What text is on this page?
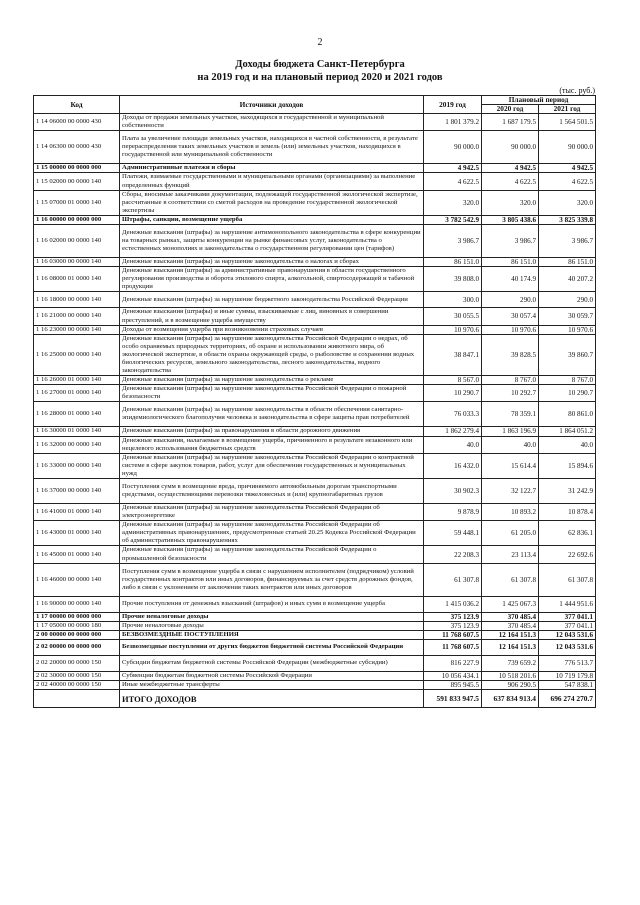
2
Доходы бюджета Санкт-Петербурга
на 2019 год и на плановый период 2020 и 2021 годов
(тыс. руб.)
Код	Источники доходов	2019 год	Плановый период	
			2020 год	2021 год
1 14 06000 00 0000 430	Доходы от продажи земельных участков, находящихся в государственной и муниципальной собственности	1 801 379.2	1 687 179.5	1 564 501.5
1 14 06300 00 0000 430	Плата за увеличение площади земельных участков, находящихся в частной собственности, в результате перераспределения таких земельных участков и земель (или) земельных участков, находящихся в государственной или муниципальной собственности	90 000.0	90 000.0	90 000.0
1 15 00000 00 0000 000	Административные платежи и сборы	4 942.5	4 942.5	4 942.5
1 15 02000 00 0000 140	Платежи, взимаемые государственными и муниципальными органами (организациями) за выполнение определенных функций	4 622.5	4 622.5	4 622.5
1 15 07000 01 0000 140	Сборы, вносимые заказчиками документации, подлежащей государственной экологической экспертизе, рассчитанные в соответствии со сметой расходов на проведение государственной экологической экспертизы	320.0	320.0	320.0
1 16 00000 00 0000 000	Штрафы, санкции, возмещение ущерба	3 782 542.9	3 805 438.6	3 825 339.8
1 16 02000 00 0000 140	Денежные взыскания (штрафы) за нарушение антимонопольного законодательства в сфере конкуренции на товарных рынках, защиты конкуренции на рынке финансовых услуг, законодательства о естественных монополиях и законодательства о государственном регулировании цен (тарифов)	3 986.7	3 986.7	3 986.7
1 16 03000 00 0000 140	Денежные взыскания (штрафы) за нарушение законодательства о налогах и сборах	86 151.0	86 151.0	86 151.0
1 16 08000 01 0000 140	Денежные взыскания (штрафы) за административные правонарушения в области государственного регулирования производства и оборота этилового спирта, алкогольной, спиртосодержащей и табачной продукции	39 808.0	40 174.9	40 207.2
1 16 18000 00 0000 140	Денежные взыскания (штрафы) за нарушение бюджетного законодательства Российской Федерации	300.0	290.0	290.0
1 16 21000 00 0000 140	Денежные взыскания (штрафы) и иные суммы, взыскиваемые с лиц, виновных в совершении преступлений, и в возмещение ущерба имуществу	30 055.5	30 057.4	30 059.7
1 16 23000 00 0000 140	Доходы от возмещения ущерба при возникновении страховых случаев	10 970.6	10 970.6	10 970.6
1 16 25000 00 0000 140	Денежные взыскания (штрафы) за нарушение законодательства Российской Федерации о недрах, об особо охраняемых природных территориях, об охране и использовании животного мира, об экологической экспертизе, в области охраны окружающей среды, о рыболовстве и сохранении водных биологических ресурсов, земельного законодательства, лесного законодательства, водного законодательства	38 847.1	39 828.5	39 860.7
1 16 26000 01 0000 140	Денежные взыскания (штрафы) за нарушение законодательства о рекламе	8 567.0	8 767.0	8 767.0
1 16 27000 01 0000 140	Денежные взыскания (штрафы) за нарушение законодательства Российской Федерации о пожарной безопасности	10 290.7	10 292.7	10 290.7
1 16 28000 01 0000 140	Денежные взыскания (штрафы) за нарушение законодательства в области обеспечения санитарно-эпидемиологического благополучия человека и законодательства в сфере защиты прав потребителей	76 033.3	78 359.1	80 861.0
1 16 30000 01 0000 140	Денежные взыскания (штрафы) за правонарушения в области дорожного движения	1 862 279.4	1 863 196.9	1 864 051.2
1 16 32000 00 0000 140	Денежные взыскания, налагаемые в возмещение ущерба, причиненного в результате незаконного или нецелевого использования бюджетных средств	40.0	40.0	40.0
1 16 33000 00 0000 140	Денежные взыскания (штрафы) за нарушение законодательства Российской Федерации о контрактной системе в сфере закупок товаров, работ, услуг для обеспечения государственных и муниципальных нужд	16 432.0	15 614.4	15 894.6
1 16 37000 00 0000 140	Поступления сумм в возмещение вреда, причиняемого автомобильным дорогам транспортными средствами, осуществляющими перевозки тяжеловесных и (или) крупногабаритных грузов	30 902.3	32 122.7	31 242.9
1 16 41000 01 0000 140	Денежные взыскания (штрафы) за нарушение законодательства Российской Федерации об электроэнергетике	9 878.9	10 893.2	10 878.4
1 16 43000 01 0000 140	Денежные взыскания (штрафы) за нарушение законодательства Российской Федерации об административных правонарушениях, предусмотренные статьей 20.25 Кодекса Российской Федерации об административных правонарушениях	59 448.1	61 205.0	62 836.1
1 16 45000 01 0000 140	Денежные взыскания (штрафы) за нарушение законодательства Российской Федерации о промышленной безопасности	22 208.3	23 113.4	22 692.6
1 16 46000 00 0000 140	Поступления сумм в возмещение ущерба в связи с нарушением исполнителем (подрядчиком) условий государственных контрактов или иных договоров, финансируемых за счет средств дорожных фондов, либо в связи с уклонением от заключения таких контрактов или иных договоров	61 307.8	61 307.8	61 307.8
1 16 90000 00 0000 140	Прочие поступления от денежных взысканий (штрафов) и иных сумм в возмещение ущерба	1 415 036.2	1 425 067.3	1 444 951.6
1 17 00000 00 0000 000	Прочие неналоговые доходы	375 123.9	370 485.4	377 041.1
1 17 05000 00 0000 180	Прочие неналоговые доходы	375 123.9	370 485.4	377 041.1
2 00 00000 00 0000 000	БЕЗВОЗМЕЗДНЫЕ ПОСТУПЛЕНИЯ	11 768 607.5	12 164 151.3	12 043 531.6
2 02 00000 00 0000 000	Безвозмездные поступления от других бюджетов бюджетной системы Российской Федерации	11 768 607.5	12 164 151.3	12 043 531.6
2 02 20000 00 0000 150	Субсидии бюджетам бюджетной системы Российской Федерации (межбюджетные субсидии)	816 227.9	739 659.2	776 513.7
2 02 30000 00 0000 150	Субвенции бюджетам бюджетной системы Российской Федерации	10 056 434.1	10 518 201.6	10 719 179.8
2 02 40000 00 0000 150	Иные межбюджетные трансферты	895 945.5	906 290.5	547 838.1
	ИТОГО ДОХОДОВ	591 833 947.5	637 834 913.4	696 274 270.7
